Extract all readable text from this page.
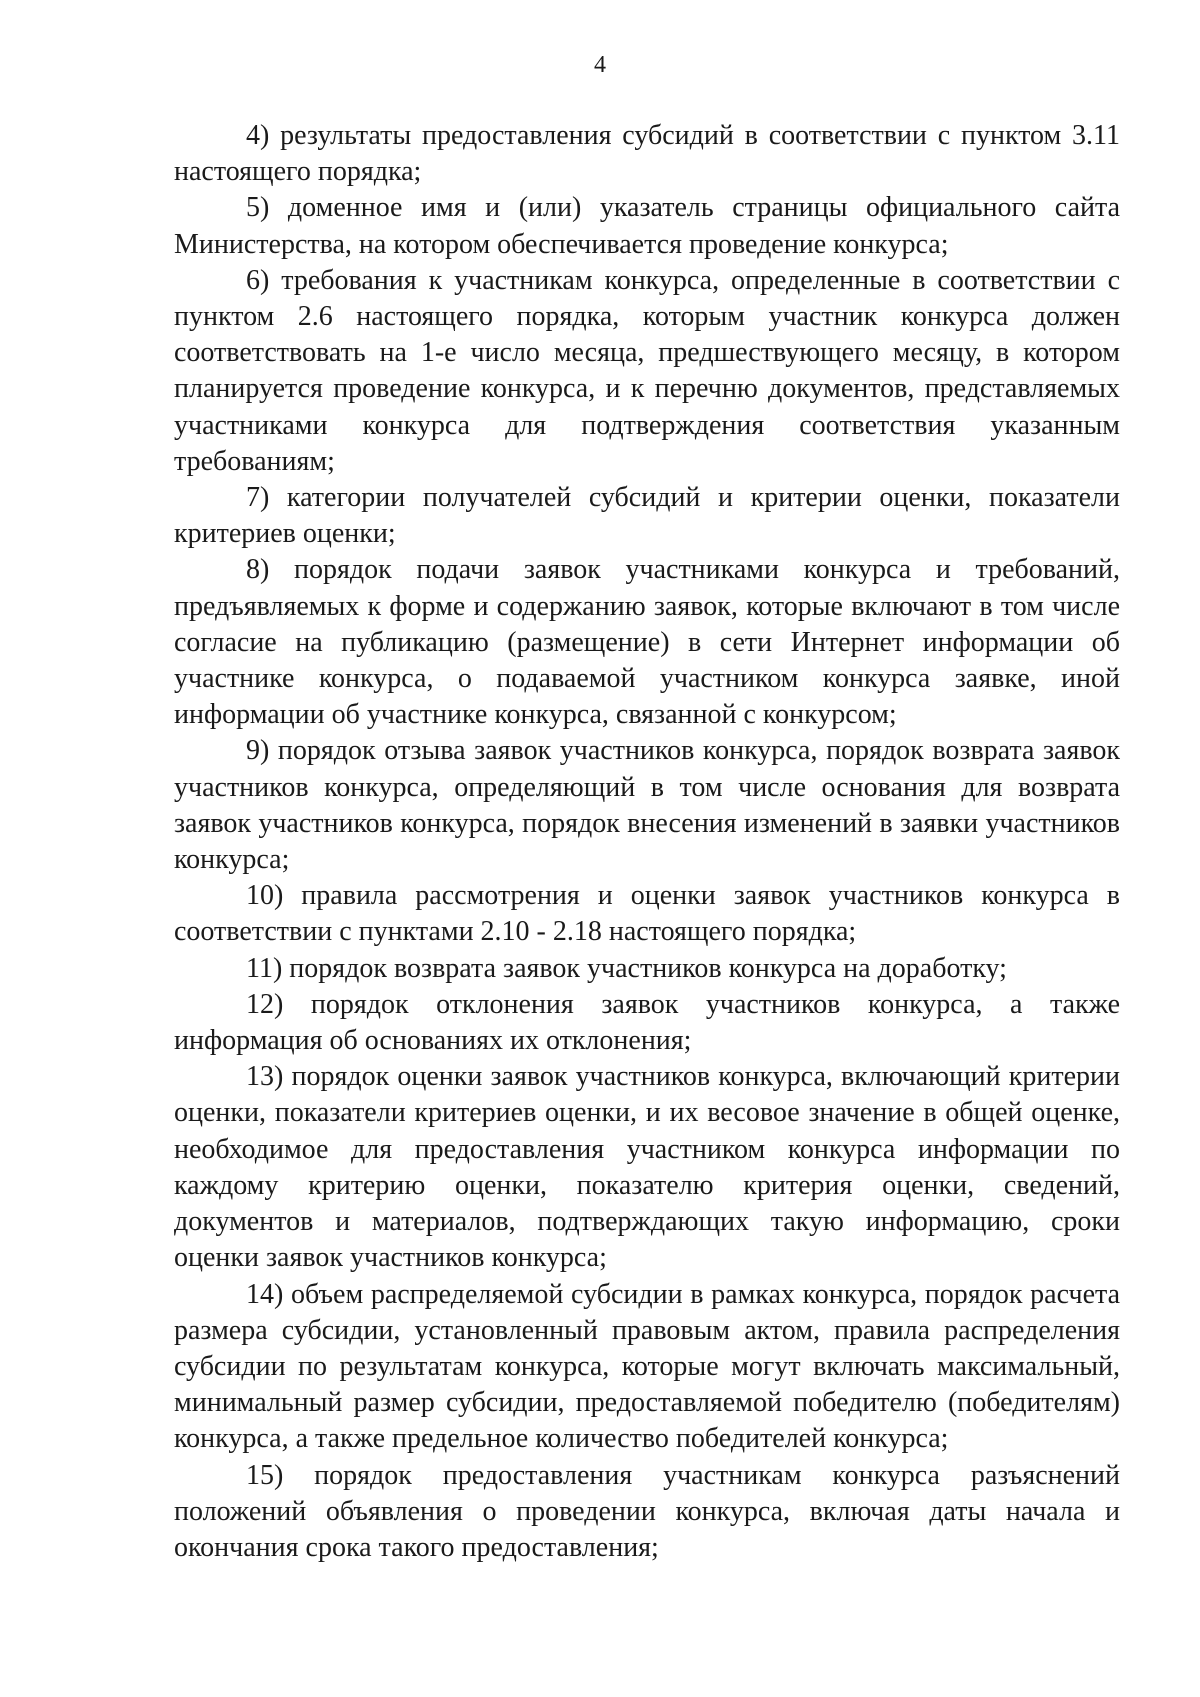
4

4) результаты предоставления субсидий в соответствии с пунктом 3.11 настоящего порядка;

5) доменное имя и (или) указатель страницы официального сайта Министерства, на котором обеспечивается проведение конкурса;

6) требования к участникам конкурса, определенные в соответствии с пунктом 2.6 настоящего порядка, которым участник конкурса должен соответствовать на 1-е число месяца, предшествующего месяцу, в котором планируется проведение конкурса, и к перечню документов, представляемых участниками конкурса для подтверждения соответствия указанным требованиям;

7) категории получателей субсидий и критерии оценки, показатели критериев оценки;

8) порядок подачи заявок участниками конкурса и требований, предъявляемых к форме и содержанию заявок, которые включают в том числе согласие на публикацию (размещение) в сети Интернет информации об участнике конкурса, о подаваемой участником конкурса заявке, иной информации об участнике конкурса, связанной с конкурсом;

9) порядок отзыва заявок участников конкурса, порядок возврата заявок участников конкурса, определяющий в том числе основания для возврата заявок участников конкурса, порядок внесения изменений в заявки участников конкурса;

10) правила рассмотрения и оценки заявок участников конкурса в соответствии с пунктами 2.10 - 2.18 настоящего порядка;

11) порядок возврата заявок участников конкурса на доработку;

12) порядок отклонения заявок участников конкурса, а также информация об основаниях их отклонения;

13) порядок оценки заявок участников конкурса, включающий критерии оценки, показатели критериев оценки, и их весовое значение в общей оценке, необходимое для предоставления участником конкурса информации по каждому критерию оценки, показателю критерия оценки, сведений, документов и материалов, подтверждающих такую информацию, сроки оценки заявок участников конкурса;

14) объем распределяемой субсидии в рамках конкурса, порядок расчета размера субсидии, установленный правовым актом, правила распределения субсидии по результатам конкурса, которые могут включать максимальный, минимальный размер субсидии, предоставляемой победителю (победителям) конкурса, а также предельное количество победителей конкурса;

15) порядок предоставления участникам конкурса разъяснений положений объявления о проведении конкурса, включая даты начала и окончания срока такого предоставления;
